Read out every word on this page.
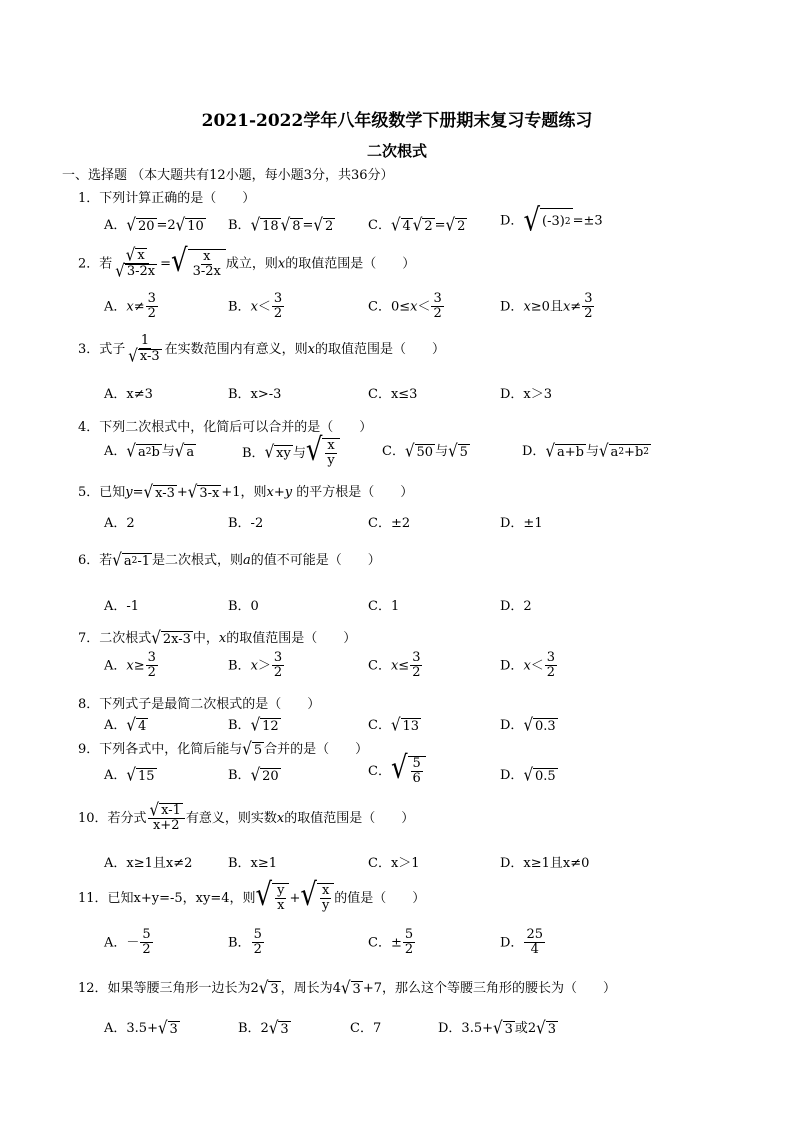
2021-2022学年八年级数学下册期末复习专题练习
二次根式
一、选择题 （本大题共有12小题，每小题3分，共36分）
1．下列计算正确的是（　　）
A． √ 20 =2 √ 10 B． √ 18 √ 8 = √ 2	C． √ 4 √ 2 = √ 2	D． √ (-3) 2 =±3
2．若 $\frac{√ x}{√ 3-2x}$ = √ $\frac{x}{3-2x}$ 成立，则x的取值范围是（　　）
A．$x\ne \frac{3}{2}$	B．$x< \frac{3}{2}$	C．$0\le x< \frac{3}{2}$	D．x≥0且$x\ne \frac{3}{2}$
3．式子 $\frac{1}{√ x-3}$ 在实数范围内有意义，则x的取值范围是（　　）
A．x≠3	B．x>-3	C．x≤3	D．x＞3
4．下列二次根式中，化简后可以合并的是（　　）
A． √ a 2 b 与 √ a	B． √ xy 与 √ $\frac{x}{y}$	C． √ 50 与 √ 5	D． √ a+b 与 √ a 2 +b 2
5．已知y= √ x-3 + √ 3-x +1，则x+y 的平方根是（　　）
A．2	B．-2	C．±2	D．±1
6．若 √ a 2 -1 是二次根式，则a的值不可能是（　　）
A．-1	B．0	C．1	D．2
7．二次根式 √ 2x-3 中，x的取值范围是（　　）
A．$x\ge \frac{3}{2}$	B．$x> \frac{3}{2}$	C．$x\le \frac{3}{2}$	D．$x< \frac{3}{2}$
8．下列式子是最简二次根式的是（　　）
A． √ 4	B． √ 12	C． √ 13	D． √ 0.3
9．下列各式中，化简后能与 √ 5 合并的是（　　）
A． √ 15	B． √ 20	C． √ $\frac{5}{6}$	D． √ 0.5
10．若分式 $\frac{√ x-1}{x+2}$ 有意义，则实数x的取值范围是（　　）
A．x≥1且x≠2	B．x≥1	C．x＞1	D．x≥1且x≠0
11．已知x+y=-5，xy=4，则 √ $\frac{y}{x}$ + √ $\frac{x}{y}$ 的值是（　　）
A．－ $\frac{5}{2}$	B． $\frac{5}{2}$	C．± $\frac{5}{2}$	D． $\frac{25}{4}$
12．如果等腰三角形一边长为2 √ 3 ，周长为4 √ 3 +7，那么这个等腰三角形的腰长为（　　）
A．3.5+ √ 3	B．2 √ 3	C．7	D．3.5+ √ 3 或2 √ 3
